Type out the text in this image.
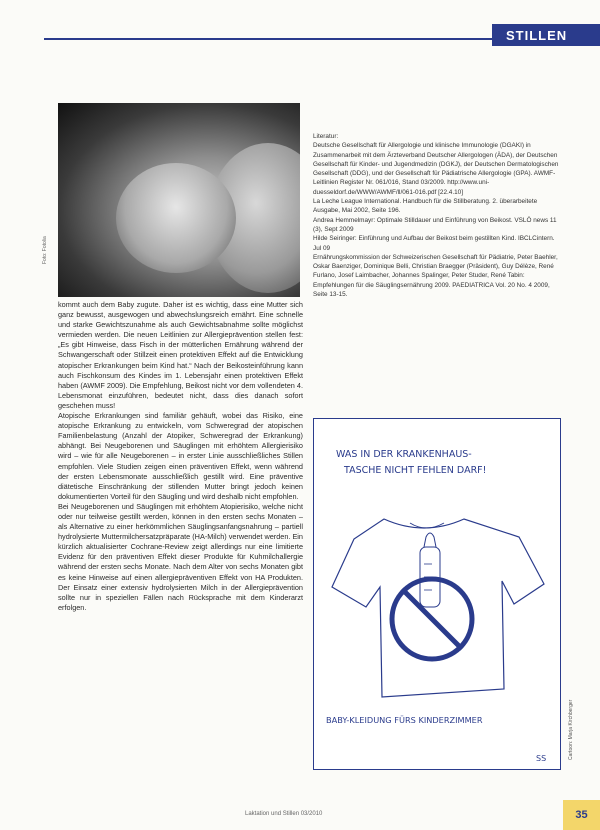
STILLEN
Foto: Fotolia

kommt auch dem Baby zugute. Daher ist es wichtig, dass eine Mutter sich ganz bewusst, ausgewogen und abwechslungsreich ernährt. Eine schnelle und starke Gewichtszunahme als auch Gewichtsabnahme sollte möglichst vermieden werden. Die neuen Leitlinien zur Allergieprävention stellen fest: „Es gibt Hinweise, dass Fisch in der mütterlichen Ernährung während der Schwangerschaft oder Stillzeit einen protektiven Effekt auf die Entwicklung atopischer Erkrankungen beim Kind hat.“ Nach der Beikosteinführung kann auch Fischkonsum des Kindes im 1. Lebensjahr einen protektiven Effekt haben (AWMF 2009). Die Empfehlung, Beikost nicht vor dem vollendeten 4. Lebensmonat einzuführen, bedeutet nicht, dass dies danach sofort geschehen muss!

Atopische Erkrankungen sind familiär gehäuft, wobei das Risiko, eine atopische Erkrankung zu entwickeln, vom Schweregrad der atopischen Familienbelastung (Anzahl der Atopiker, Schweregrad der Erkrankung) abhängt. Bei Neugeborenen und Säuglingen mit erhöhtem Allergierisiko wird – wie für alle Neugeborenen – in erster Linie ausschließliches Stillen empfohlen. Viele Studien zeigen einen präventiven Effekt, wenn während der ersten Lebensmonate ausschließlich gestillt wird. Eine präventive diätetische Einschränkung der stillenden Mutter bringt jedoch keinen dokumentierten Vorteil für den Säugling und wird deshalb nicht empfohlen.

Bei Neugeborenen und Säuglingen mit erhöhtem Atopierisiko, welche nicht oder nur teilweise gestillt werden, können in den ersten sechs Monaten – als Alternative zu einer herkömmlichen Säuglingsanfangsnahrung – partiell hydrolysierte Muttermilchersatzpräparate (HA-Milch) verwendet werden. Ein kürzlich aktualisierter Cochrane-Review zeigt allerdings nur eine limitierte Evidenz für den präventiven Effekt dieser Produkte für Kuhmilchallergie während der ersten sechs Monate. Nach dem Alter von sechs Monaten gibt es keine Hinweise auf einen allergiepräventiven Effekt von HA Produkten. Der Einsatz einer extensiv hydrolysierten Milch in der Allergieprävention sollte nur in speziellen Fällen nach Rücksprache mit dem Kinderarzt erfolgen.

Literatur:

Deutsche Gesellschaft für Allergologie und klinische Immunologie (DGAKI) in Zusammenarbeit mit dem Ärzteverband Deutscher Allergologen (ÄDA), der Deutschen Gesellschaft für Kinder- und Jugendmedizin (DGKJ), der Deutschen Dermatologischen Gesellschaft (DDG), und der Gesellschaft für Pädiatrische Allergologie (GPA). AWMF-Leitlinien Register Nr. 061/016, Stand 03/2009. http://www.uni-duesseldorf.de/WWW/AWMF/ll/061-016.pdf [22.4.10]

La Leche League International. Handbuch für die Stillberatung. 2. überarbeitete Ausgabe, Mai 2002, Seite 196.

Andrea Hemmelmayr: Optimale Stilldauer und Einführung von Beikost. VSLÖ news 11 (3), Sept 2009

Hilde Seiringer: Einführung und Aufbau der Beikost beim gestillten Kind. IBCLCintern. Jul 09

Ernährungskommission der Schweizerischen Gesellschaft für Pädiatrie, Peter Baehler, Oskar Baenziger, Dominique Belli, Christian Braegger (Präsident), Guy Délèze, René Furlano, Josef Laimbacher, Johannes Spalinger, Peter Studer, René Tabin: Empfehlungen für die Säuglingsernährung 2009. PAEDIATRICA Vol. 20 No. 4 2009, Seite 13-15.

WAS IN DER KRANKENHAUS-
TASCHE NICHT FEHLEN DARF!
BABY-KLEIDUNG FÜRS KINDERZIMMER
SS	Cartoon: Marja Kirchberger
Laktation und Stillen 03/2010	35
